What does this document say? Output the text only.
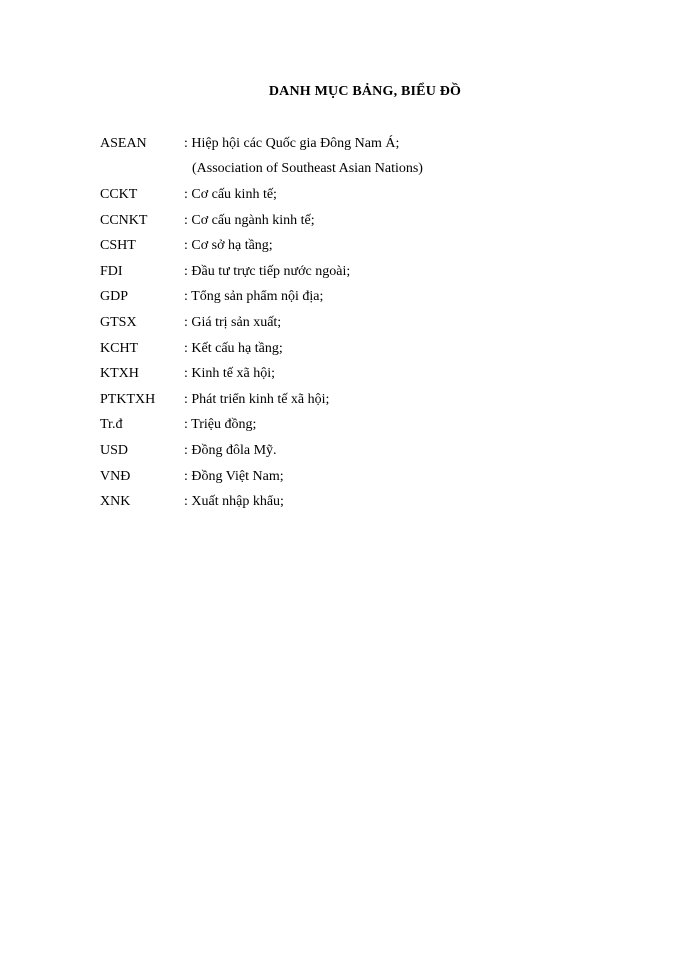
DANH MỤC BẢNG, BIỂU ĐỒ
ASEAN	: Hiệp hội các Quốc gia Đông Nam Á;
(Association of Southeast Asian Nations)
CCKT	: Cơ cấu kinh tế;
CCNKT	: Cơ cấu ngành kinh tế;
CSHT	: Cơ sở hạ tầng;
FDI	: Đầu tư trực tiếp nước ngoài;
GDP	: Tổng sản phẩm nội địa;
GTSX	: Giá trị sản xuất;
KCHT	: Kết cấu hạ tầng;
KTXH	: Kinh tế xã hội;
PTKTXH	: Phát triển kinh tế xã hội;
Tr.đ	: Triệu đồng;
USD	: Đồng đôla Mỹ.
VNĐ	: Đồng Việt Nam;
XNK	: Xuất nhập khẩu;
